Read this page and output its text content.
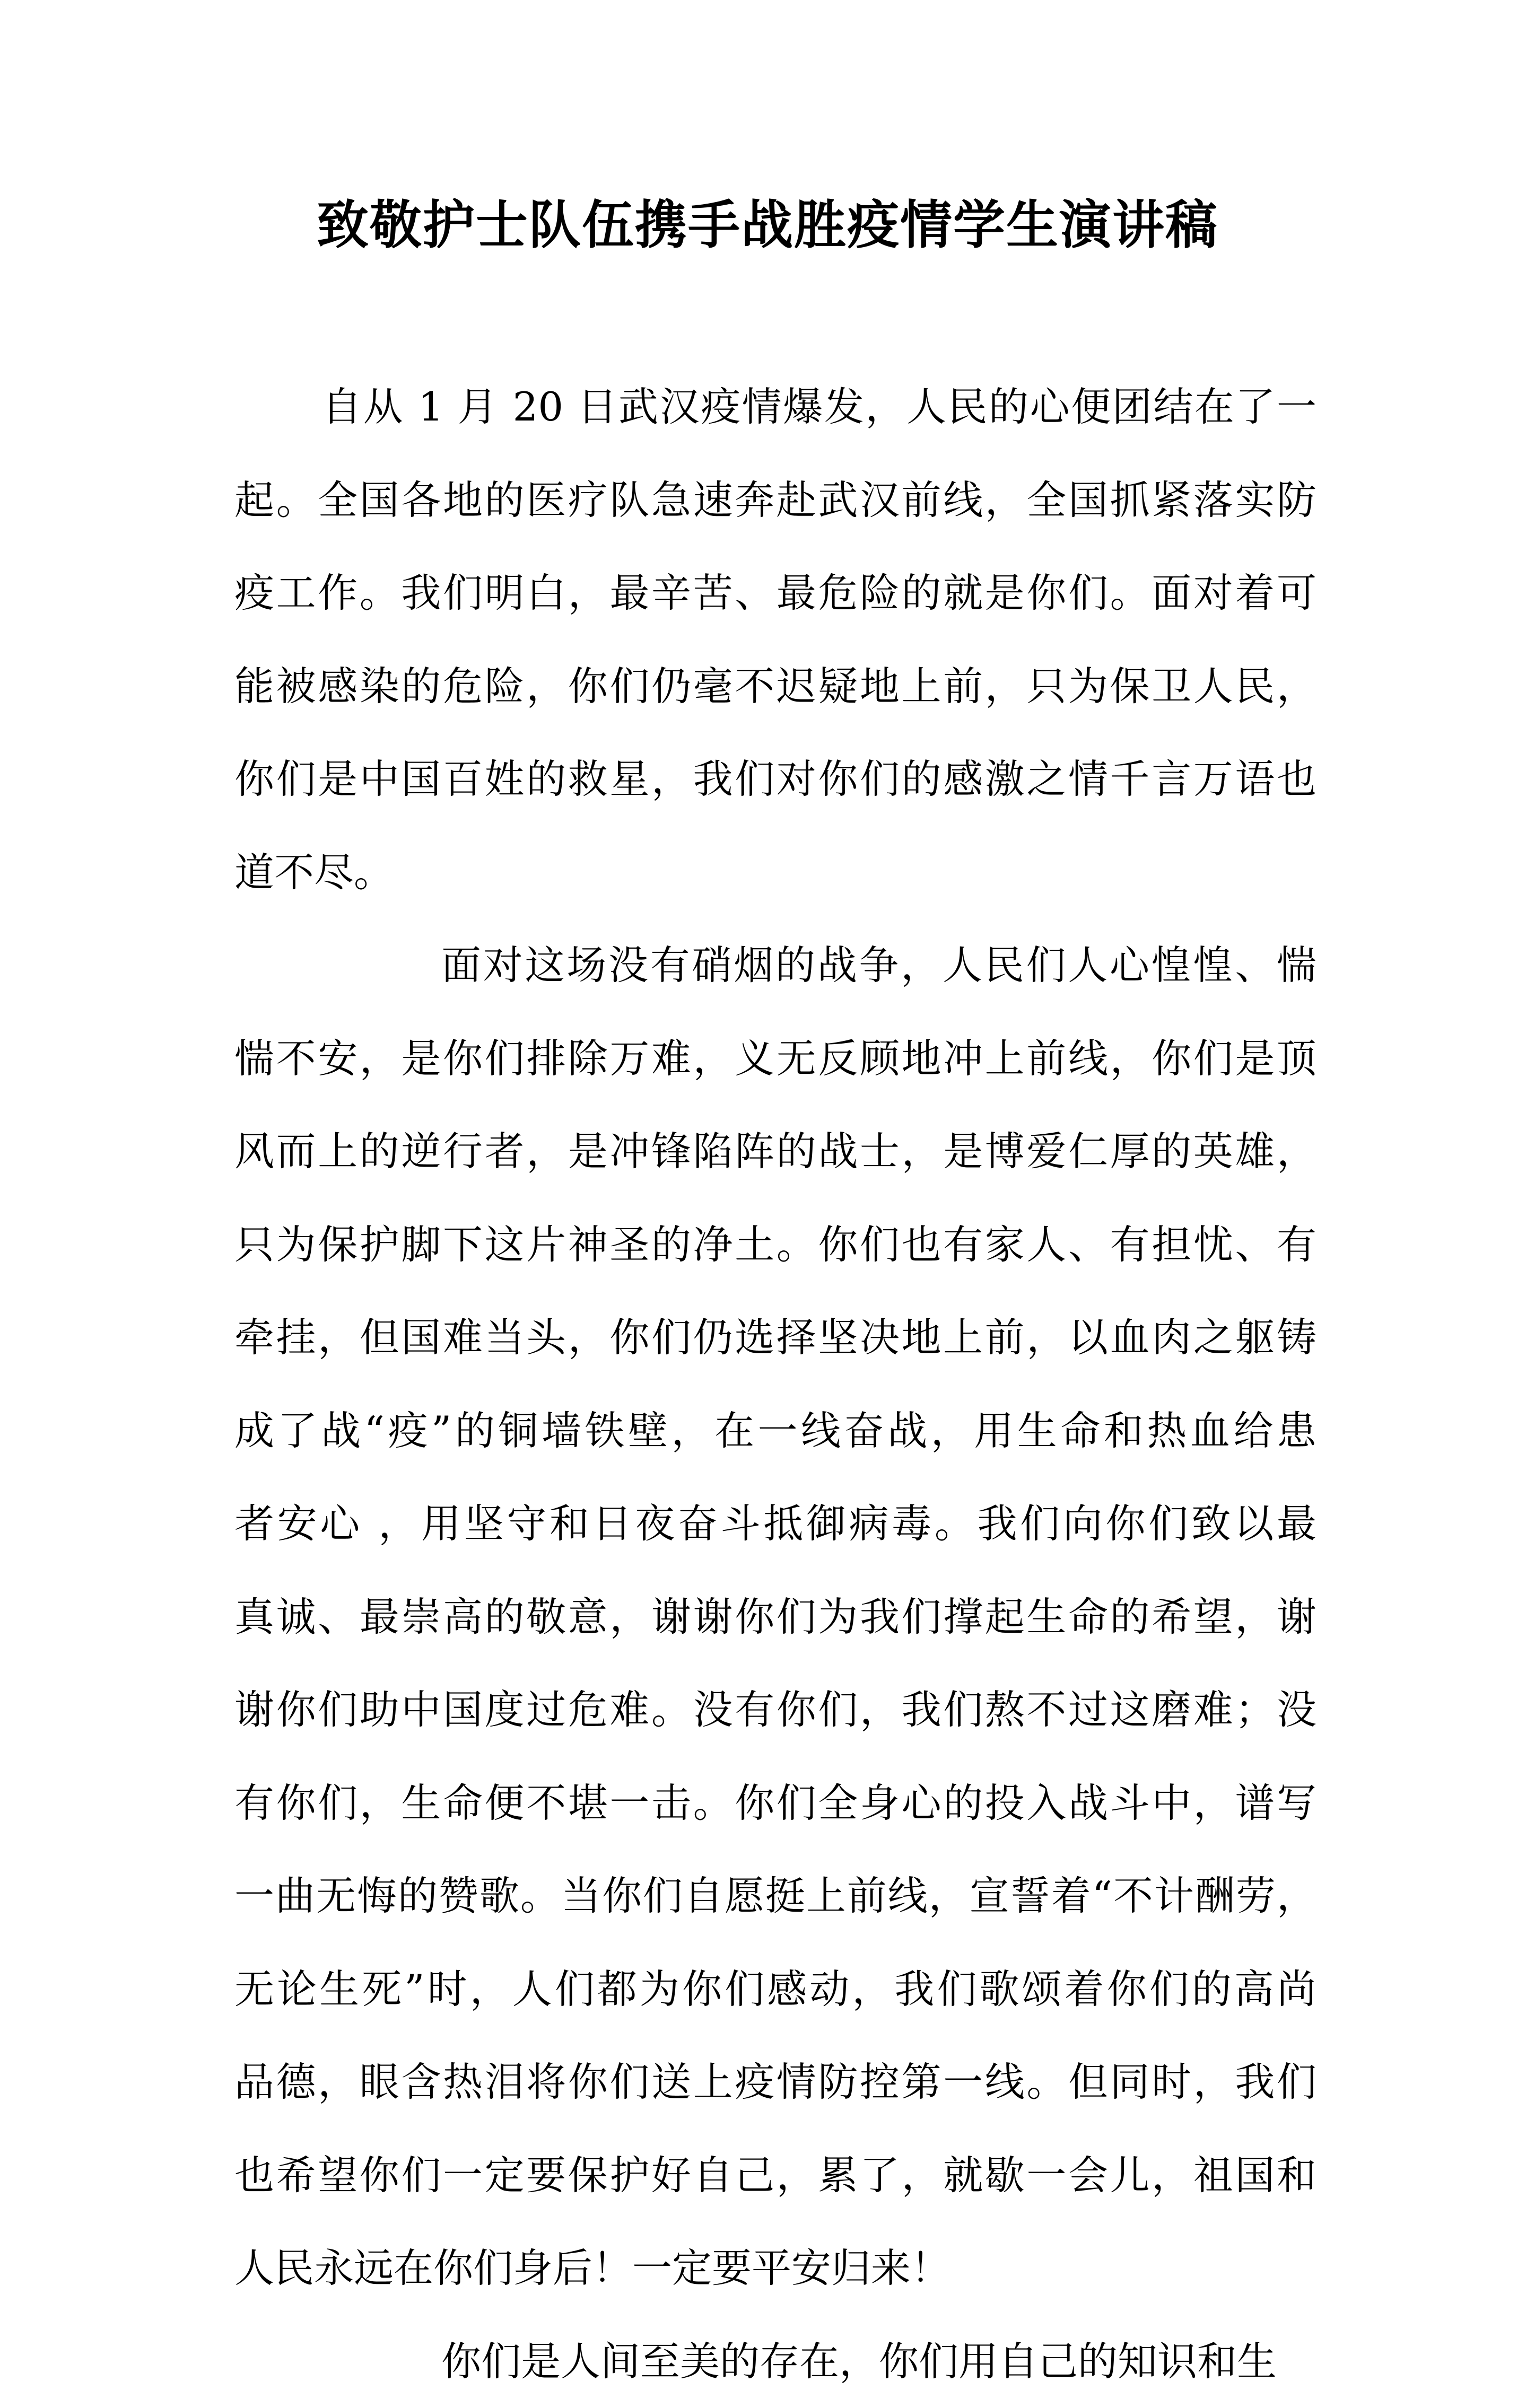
致敬护士队伍携手战胜疫情学生演讲稿

自从 1 月 20 日武汉疫情爆发，人民的心便团结在了一

起。全国各地的医疗队急速奔赴武汉前线，全国抓紧落实防

疫工作。我们明白，最辛苦、最危险的就是你们。面对着可

能被感染的危险，你们仍毫不迟疑地上前，只为保卫人民，

你们是中国百姓的救星，我们对你们的感激之情千言万语也

道不尽。

面对这场没有硝烟的战争，人民们人心惶惶、惴

惴不安，是你们排除万难，义无反顾地冲上前线，你们是顶

风而上的逆行者，是冲锋陷阵的战士，是博爱仁厚的英雄，

只为保护脚下这片神圣的净土。你们也有家人、有担忧、有

牵挂，但国难当头，你们仍选择坚决地上前，以血肉之躯铸

成了战“疫”的铜墙铁壁，在一线奋战，用生命和热血给患

者安心 ，用坚守和日夜奋斗抵御病毒。我们向你们致以最

真诚、最崇高的敬意，谢谢你们为我们撑起生命的希望，谢

谢你们助中国度过危难。没有你们，我们熬不过这磨难；没

有你们，生命便不堪一击。你们全身心的投入战斗中，谱写

一曲无悔的赞歌。当你们自愿挺上前线，宣誓着“不计酬劳，

无论生死”时，人们都为你们感动，我们歌颂着你们的高尚

品德，眼含热泪将你们送上疫情防控第一线。但同时，我们

也希望你们一定要保护好自己，累了，就歇一会儿，祖国和

人民永远在你们身后！一定要平安归来！

你们是人间至美的存在，你们用自己的知识和生
